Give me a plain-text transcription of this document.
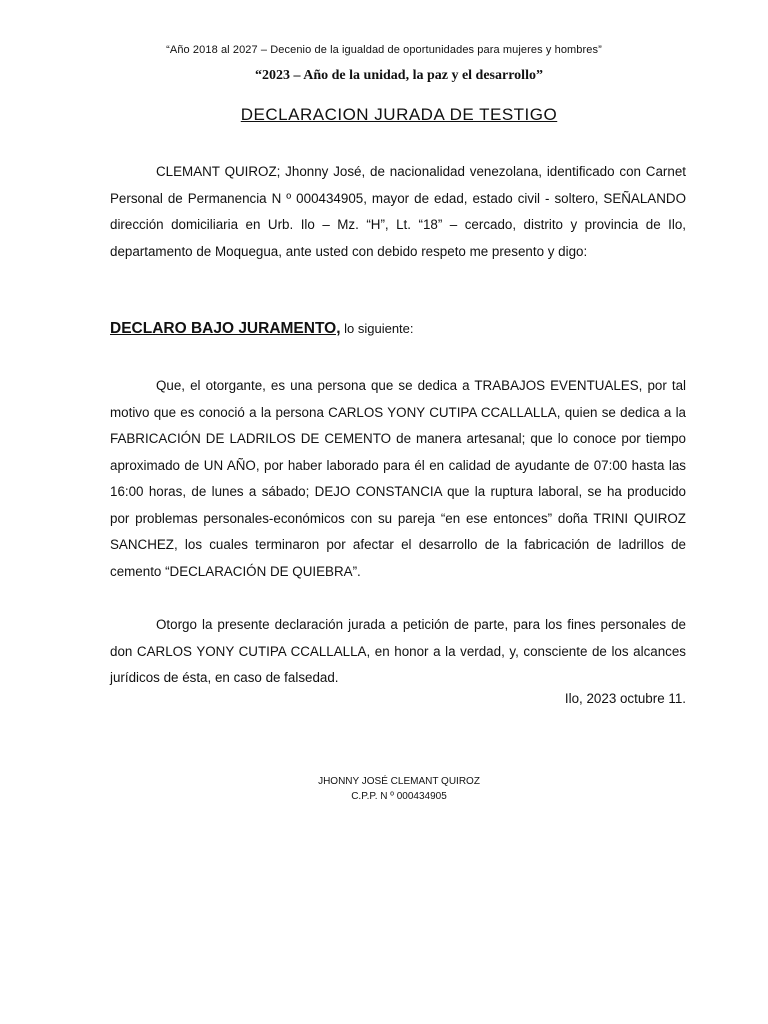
“Año 2018 al 2027 – Decenio de la igualdad de oportunidades para mujeres y hombres”
“2023 – Año de la unidad, la paz y el desarrollo”
DECLARACION JURADA DE TESTIGO
CLEMANT QUIROZ; Jhonny José, de nacionalidad venezolana, identificado con Carnet Personal de Permanencia N º 000434905, mayor de edad, estado civil - soltero, SEÑALANDO dirección domiciliaria en Urb. Ilo – Mz. “H”, Lt. “18” – cercado, distrito y provincia de Ilo, departamento de Moquegua, ante usted con debido respeto me presento y digo:
DECLARO BAJO JURAMENTO, lo siguiente:
Que, el otorgante, es una persona que se dedica a TRABAJOS EVENTUALES, por tal motivo que es conoció a la persona CARLOS YONY CUTIPA CCALLALLA, quien se dedica a la FABRICACIÓN DE LADRILOS DE CEMENTO de manera artesanal; que lo conoce por tiempo aproximado de UN AÑO, por haber laborado para él en calidad de ayudante de 07:00 hasta las 16:00 horas, de lunes a sábado; DEJO CONSTANCIA que la ruptura laboral, se ha producido por problemas personales-económicos con su pareja “en ese entonces” doña TRINI QUIROZ SANCHEZ, los cuales terminaron por afectar el desarrollo de la fabricación de ladrillos de cemento “DECLARACIÓN DE QUIEBRA”.
Otorgo la presente declaración jurada a petición de parte, para los fines personales de don CARLOS YONY CUTIPA CCALLALLA, en honor a la verdad, y, consciente de los alcances jurídicos de ésta, en caso de falsedad.
Ilo, 2023 octubre 11.
JHONNY JOSÉ CLEMANT QUIROZ
C.P.P. N º 000434905
